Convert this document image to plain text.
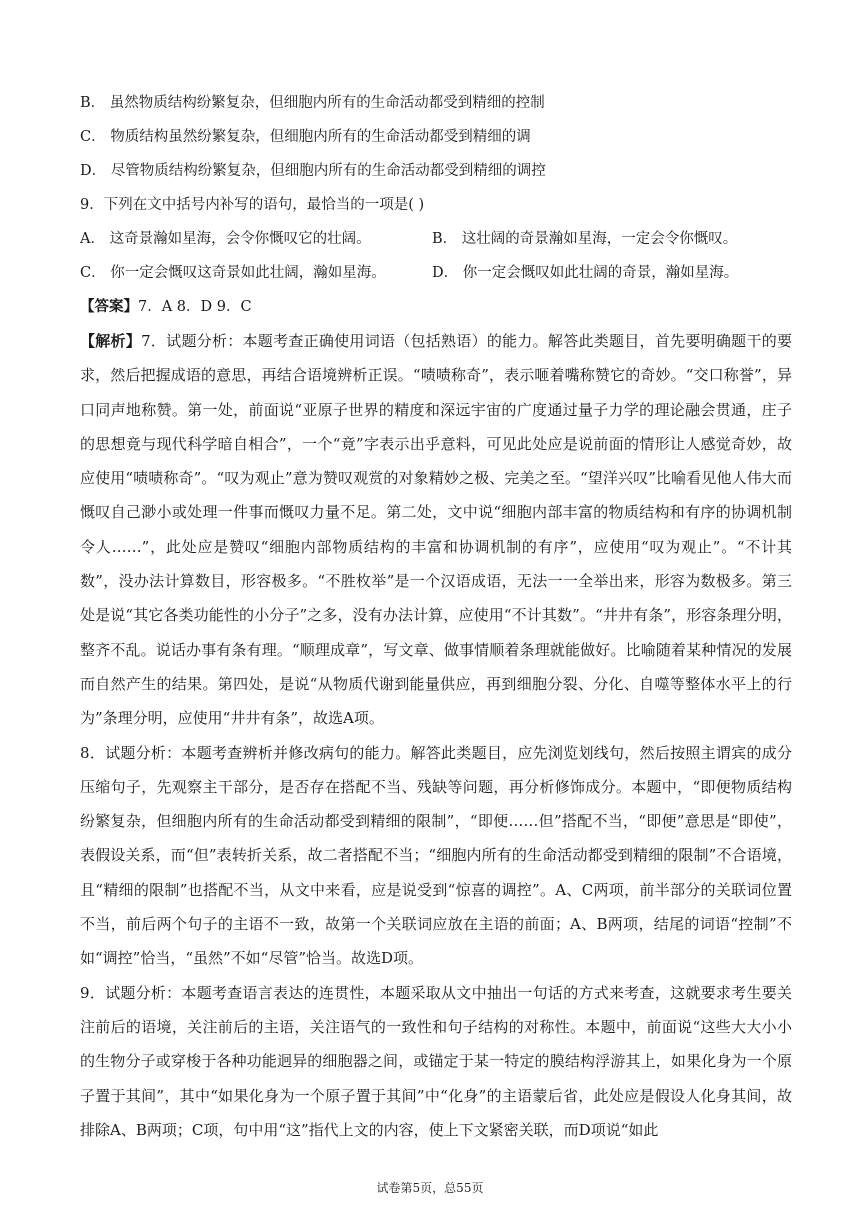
B． 虽然物质结构纷繁复杂，但细胞内所有的生命活动都受到精细的控制
C． 物质结构虽然纷繁复杂，但细胞内所有的生命活动都受到精细的调
D． 尽管物质结构纷繁复杂，但细胞内所有的生命活动都受到精细的调控
9．下列在文中括号内补写的语句，最恰当的一项是( )
A． 这奇景瀚如星海，会令你慨叹它的壮阔。	B． 这壮阔的奇景瀚如星海，一定会令你慨叹。
C． 你一定会慨叹这奇景如此壮阔，瀚如星海。	D． 你一定会慨叹如此壮阔的奇景，瀚如星海。
【答案】7．A 8．D 9．C

【解析】7．试题分析：本题考查正确使用词语（包括熟语）的能力。解答此类题目，首先要明确题干的要求，然后把握成语的意思，再结合语境辨析正误。“啧啧称奇”，表示咂着嘴称赞它的奇妙。“交口称誉”，异口同声地称赞。第一处，前面说“亚原子世界的精度和深远宇宙的广度通过量子力学的理论融会贯通，庄子的思想竟与现代科学暗自相合”，一个“竟”字表示出乎意料，可见此处应是说前面的情形让人感觉奇妙，故应使用“啧啧称奇”。“叹为观止”意为赞叹观赏的对象精妙之极、完美之至。“望洋兴叹”比喻看见他人伟大而慨叹自己渺小或处理一件事而慨叹力量不足。第二处，文中说“细胞内部丰富的物质结构和有序的协调机制令人……”，此处应是赞叹“细胞内部物质结构的丰富和协调机制的有序”，应使用“叹为观止”。“不计其数”，没办法计算数目，形容极多。“不胜枚举”是一个汉语成语，无法一一全举出来，形容为数极多。第三处是说“其它各类功能性的小分子”之多，没有办法计算，应使用“不计其数”。“井井有条”，形容条理分明，整齐不乱。说话办事有条有理。“顺理成章”，写文章、做事情顺着条理就能做好。比喻随着某种情况的发展而自然产生的结果。第四处，是说“从物质代谢到能量供应，再到细胞分裂、分化、自噬等整体水平上的行为”条理分明，应使用“井井有条”，故选A项。

8．试题分析：本题考查辨析并修改病句的能力。解答此类题目，应先浏览划线句，然后按照主谓宾的成分压缩句子，先观察主干部分，是否存在搭配不当、残缺等问题，再分析修饰成分。本题中，“即便物质结构纷繁复杂，但细胞内所有的生命活动都受到精细的限制”，“即便……但”搭配不当，“即便”意思是“即使”，表假设关系，而“但”表转折关系，故二者搭配不当；“细胞内所有的生命活动都受到精细的限制”不合语境，且“精细的限制”也搭配不当，从文中来看，应是说受到“惊喜的调控”。A、C两项，前半部分的关联词位置不当，前后两个句子的主语不一致，故第一个关联词应放在主语的前面；A、B两项，结尾的词语“控制”不如“调控”恰当，“虽然”不如“尽管”恰当。故选D项。

9．试题分析：本题考查语言表达的连贯性，本题采取从文中抽出一句话的方式来考查，这就要求考生要关注前后的语境，关注前后的主语，关注语气的一致性和句子结构的对称性。本题中，前面说“这些大大小小的生物分子或穿梭于各种功能迥异的细胞器之间，或锚定于某一特定的膜结构浮游其上，如果化身为一个原子置于其间”，其中“如果化身为一个原子置于其间”中“化身”的主语蒙后省，此处应是假设人化身其间，故排除A、B两项；C项，句中用“这”指代上文的内容，使上下文紧密关联，而D项说“如此

试卷第5页，总55页
